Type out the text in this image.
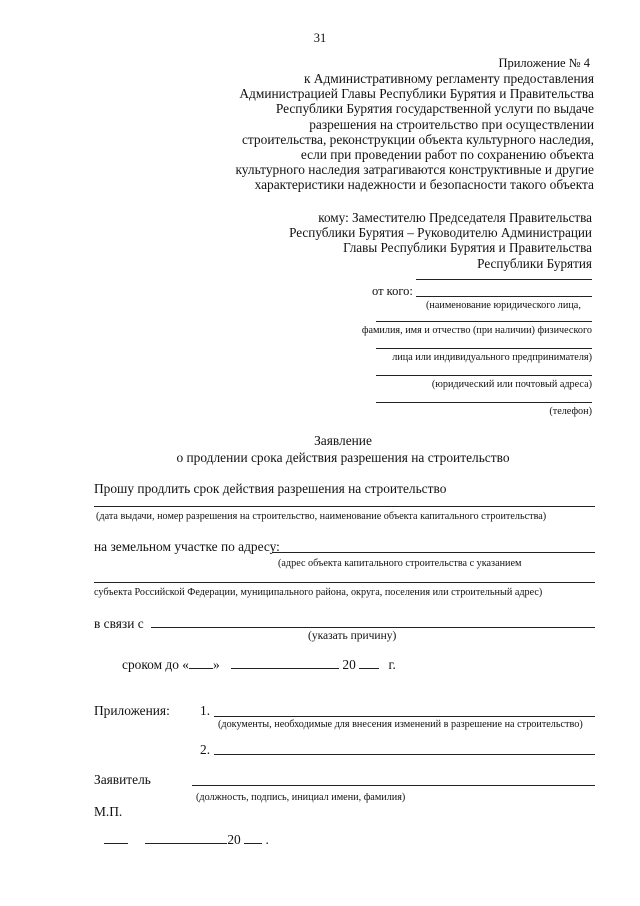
31
Приложение № 4
к Административному регламенту предоставления
Администрацией Главы Республики Бурятия и Правительства
Республики Бурятия государственной услуги по выдаче
разрешения на строительство при осуществлении
строительства, реконструкции объекта культурного наследия,
если при проведении работ по сохранению объекта
культурного наследия затрагиваются конструктивные и другие
характеристики надежности и безопасности такого объекта
кому: Заместителю Председателя Правительства
Республики Бурятия – Руководителю Администрации
Главы Республики Бурятия и Правительства
Республики Бурятия
от кого:
(наименование юридического лица,
фамилия, имя и отчество (при наличии) физического
лица или индивидуального предпринимателя)
(юридический или почтовый адреса)
(телефон)
Заявление
о продлении срока действия разрешения на строительство
Прошу продлить срок действия разрешения на строительство
(дата выдачи, номер разрешения на строительство, наименование объекта капитального строительства)
на земельном участке по адресу:
(адрес объекта капитального строительства с указанием
субъекта Российской Федерации, муниципального района, округа, поселения или строительный адрес)
в связи с
(указать причину)
сроком до « »	20 г.
Приложения: 1.
(документы, необходимые для внесения изменений в разрешение на строительство)
2.
Заявитель
(должность, подпись, инициал имени, фамилия)
М.П.
20 .
